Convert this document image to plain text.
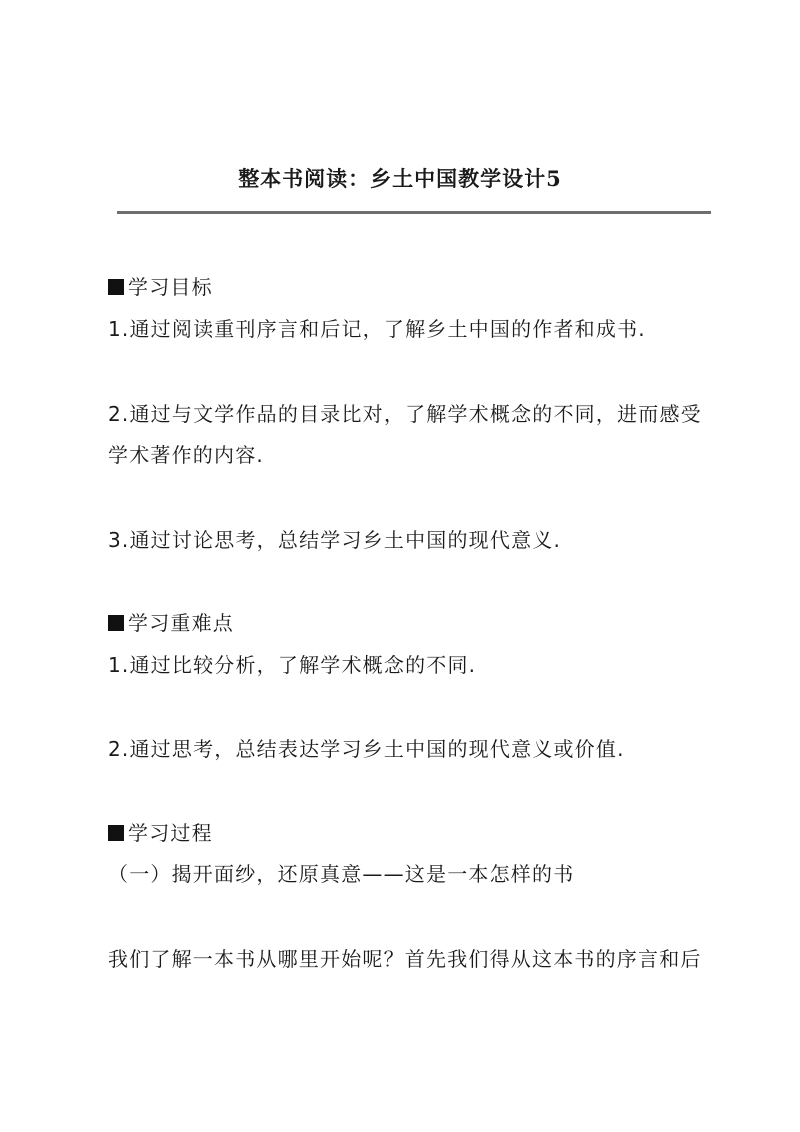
整本书阅读：乡土中国教学设计5
学习目标
1.通过阅读重刊序言和后记，了解乡土中国的作者和成书.
2.通过与文学作品的目录比对，了解学术概念的不同，进而感受
学术著作的内容.
3.通过讨论思考，总结学习乡土中国的现代意义.
学习重难点
1.通过比较分析，了解学术概念的不同.
2.通过思考，总结表达学习乡土中国的现代意义或价值.
学习过程
（一）揭开面纱，还原真意——这是一本怎样的书
我们了解一本书从哪里开始呢？首先我们得从这本书的序言和后
